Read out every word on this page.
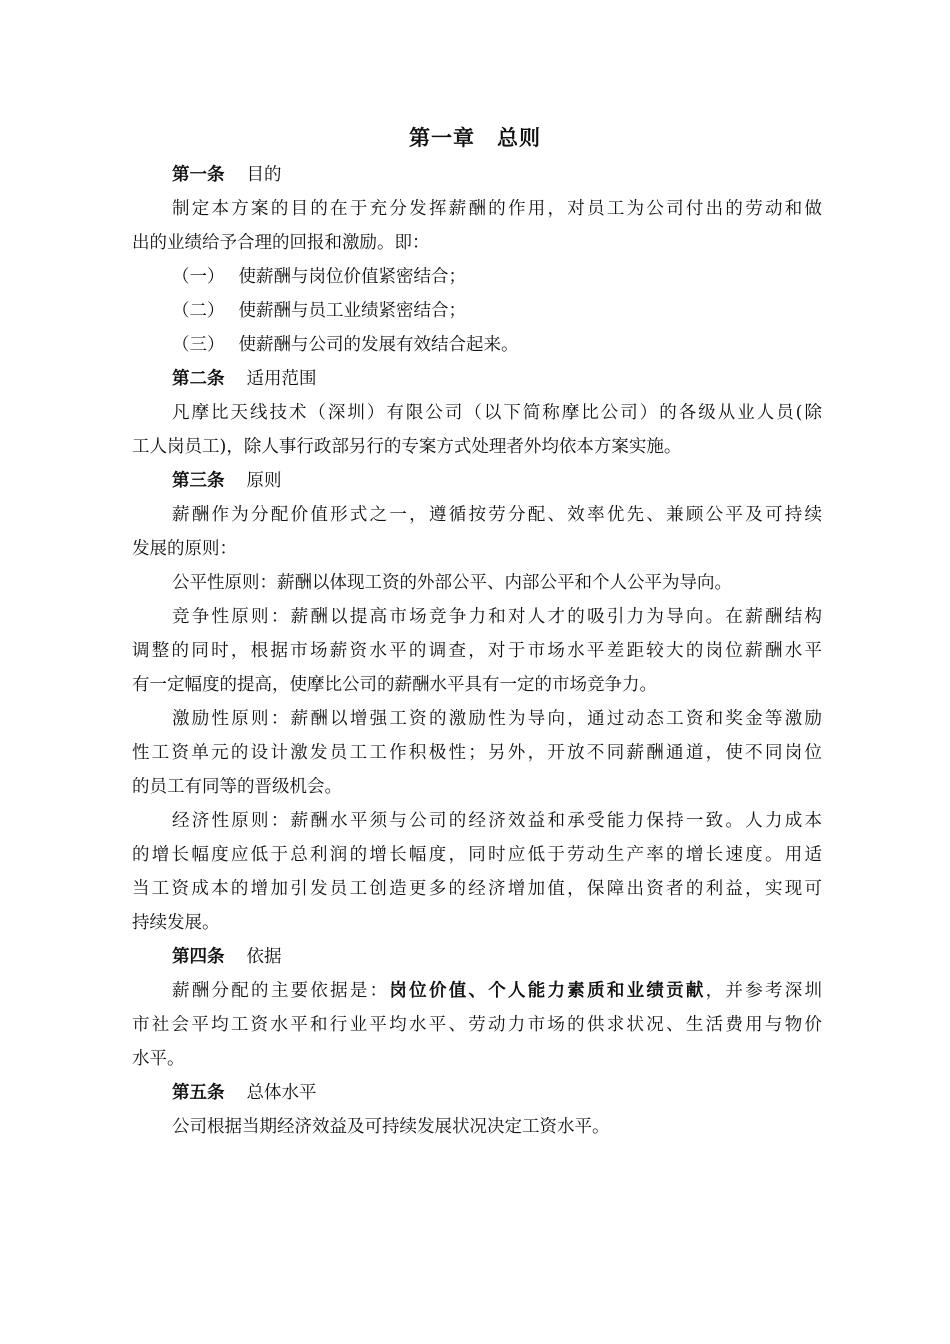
第一章 总则
第一条 目的
制定本方案的目的在于充分发挥薪酬的作用，对员工为公司付出的劳动和做
出的业绩给予合理的回报和激励。即：
（一） 使薪酬与岗位价值紧密结合；
（二） 使薪酬与员工业绩紧密结合；
（三） 使薪酬与公司的发展有效结合起来。
第二条 适用范围
凡摩比天线技术（深圳）有限公司（以下简称摩比公司）的各级从业人员(除
工人岗员工)，除人事行政部另行的专案方式处理者外均依本方案实施。
第三条 原则
薪酬作为分配价值形式之一，遵循按劳分配、效率优先、兼顾公平及可持续
发展的原则：
公平性原则：薪酬以体现工资的外部公平、内部公平和个人公平为导向。
竞争性原则：薪酬以提高市场竞争力和对人才的吸引力为导向。在薪酬结构
调整的同时，根据市场薪资水平的调查，对于市场水平差距较大的岗位薪酬水平
有一定幅度的提高，使摩比公司的薪酬水平具有一定的市场竞争力。
激励性原则：薪酬以增强工资的激励性为导向，通过动态工资和奖金等激励
性工资单元的设计激发员工工作积极性；另外，开放不同薪酬通道，使不同岗位
的员工有同等的晋级机会。
经济性原则：薪酬水平须与公司的经济效益和承受能力保持一致。人力成本
的增长幅度应低于总利润的增长幅度，同时应低于劳动生产率的增长速度。用适
当工资成本的增加引发员工创造更多的经济增加值，保障出资者的利益，实现可
持续发展。
第四条 依据
薪酬分配的主要依据是：岗位价值、个人能力素质和业绩贡献，并参考深圳
市社会平均工资水平和行业平均水平、劳动力市场的供求状况、生活费用与物价
水平。
第五条 总体水平
公司根据当期经济效益及可持续发展状况决定工资水平。
